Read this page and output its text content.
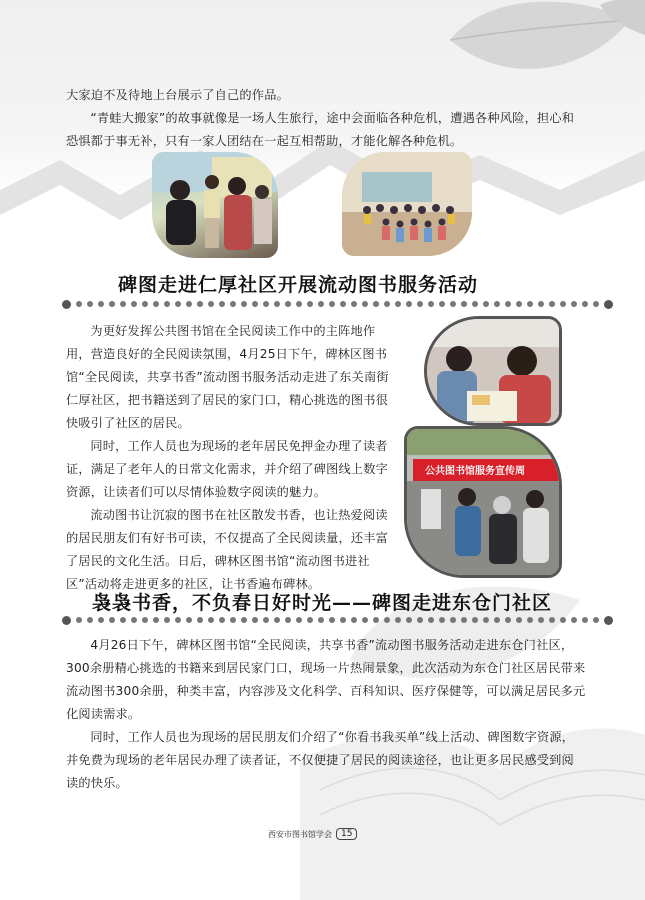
大家迫不及待地上台展示了自己的作品。

“青蛙大搬家”的故事就像是一场人生旅行，途中会面临各种危机，遭遇各种风险，担心和恐惧都于事无补，只有一家人团结在一起互相帮助，才能化解各种危机。

碑图走进仁厚社区开展流动图书服务活动

为更好发挥公共图书馆在全民阅读工作中的主阵地作用，营造良好的全民阅读氛围，4月25日下午，碑林区图书馆“全民阅读，共享书香”流动图书服务活动走进了东关南街仁厚社区，把书籍送到了居民的家门口，精心挑选的图书很快吸引了社区的居民。

同时，工作人员也为现场的老年居民免押金办理了读者证，满足了老年人的日常文化需求，并介绍了碑图线上数字资源，让读者们可以尽情体验数字阅读的魅力。

流动图书让沉寂的图书在社区散发书香，也让热爱阅读的居民朋友们有好书可读，不仅提高了全民阅读量，还丰富了居民的文化生活。日后，碑林区图书馆“流动图书进社区”活动将走进更多的社区，让书香遍布碑林。

公共图书馆服务宣传周
袅袅书香，不负春日好时光——碑图走进东仓门社区

4月26日下午，碑林区图书馆“全民阅读，共享书香”流动图书服务活动走进东仓门社区，300余册精心挑选的书籍来到居民家门口，现场一片热闹景象，此次活动为东仓门社区居民带来流动图书300余册，种类丰富，内容涉及文化科学、百科知识、医疗保健等，可以满足居民多元化阅读需求。

同时，工作人员也为现场的居民朋友们介绍了“你看书我买单”线上活动、碑图数字资源，并免费为现场的老年居民办理了读者证，不仅便捷了居民的阅读途径，也让更多居民感受到阅读的快乐。

西安市图书馆学会	15
